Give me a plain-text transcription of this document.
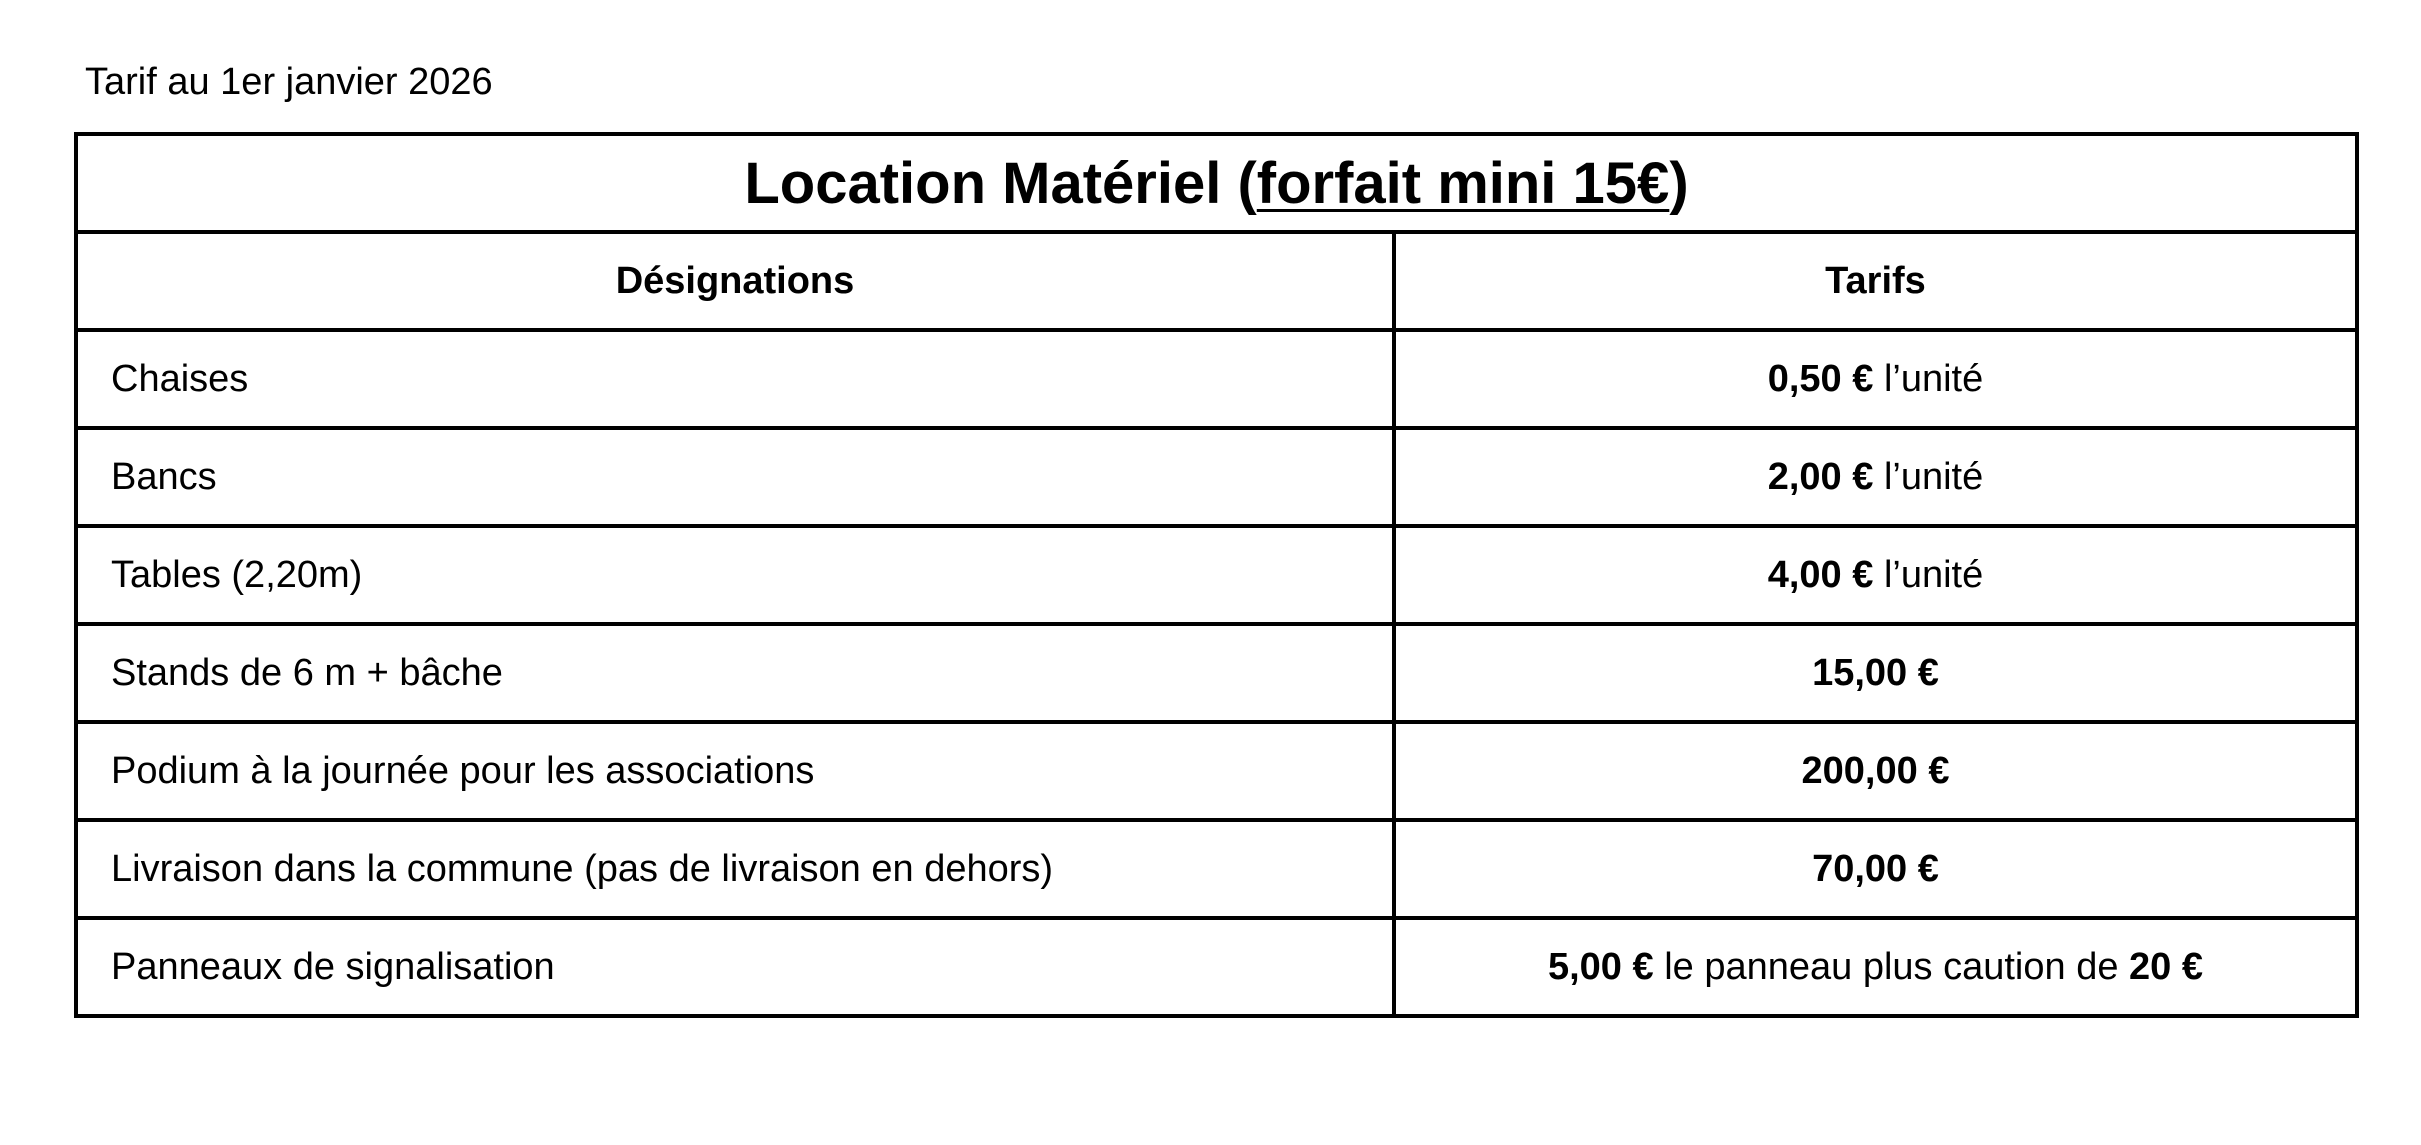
Tarif au 1er janvier 2026
Location Matériel (forfait mini 15€)	
Désignations	Tarifs
Chaises	0,50 € l’unité
Bancs	2,00 € l’unité
Tables (2,20m)	4,00 € l’unité
Stands de 6 m + bâche	15,00 €
Podium à la journée pour les associations	200,00 €
Livraison dans la commune (pas de livraison en dehors)	70,00 €
Panneaux de signalisation	5,00 € le panneau plus caution de 20 €
